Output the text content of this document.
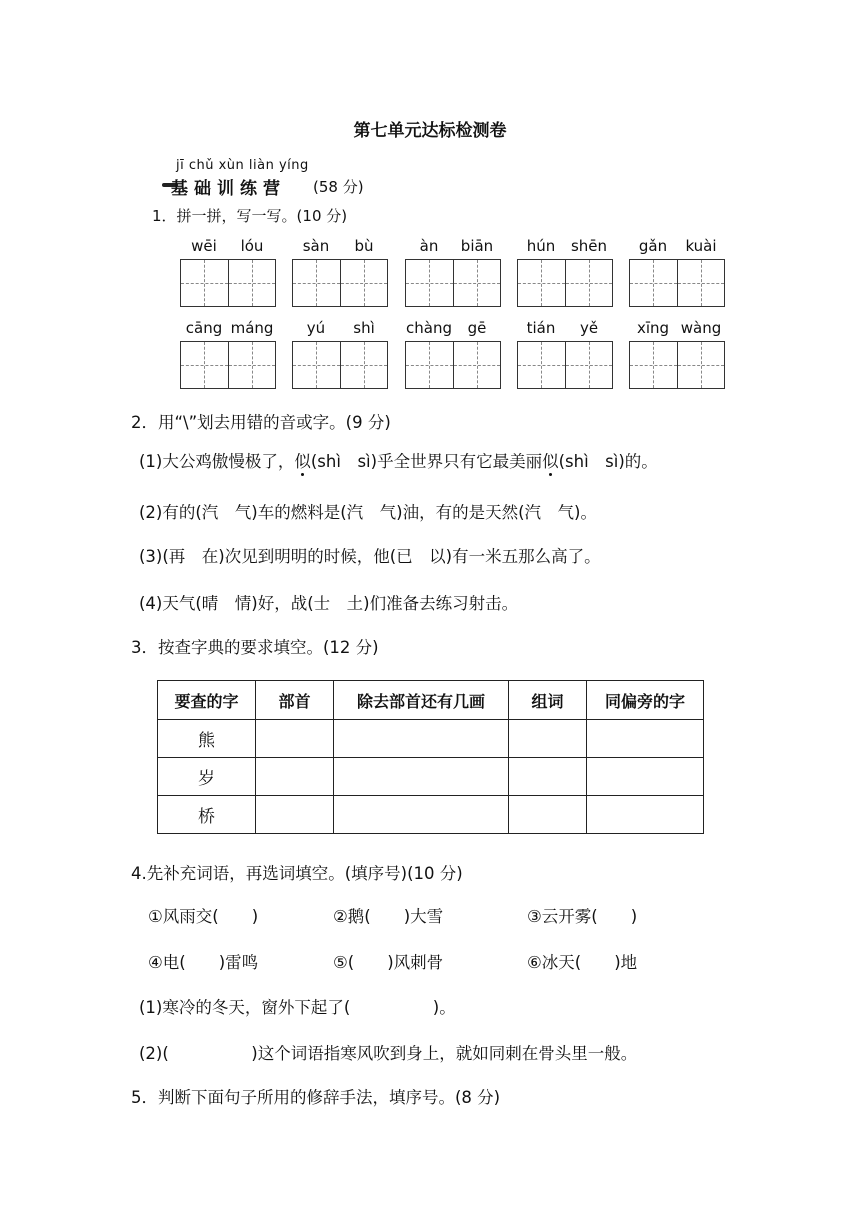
第七单元达标检测卷
jī chǔ xùn liàn yíng
基础训练营 (58 分)
1．拼一拼，写一写。(10 分)
wēi	lóu	sàn	bù	àn	biān	hún	shēn	gǎn	kuài
cāng máng	yú	shì	chàng	gē	tián	yě	xīng wàng
2．用“\”划去用错的音或字。(9 分)
(1)大公鸡傲慢极了，似(shì　sì)乎全世界只有它最美丽似(shì　sì)的。
(2)有的(汽　气)车的燃料是(汽　气)油，有的是天然(汽　气)。
(3)(再　在)次见到明明的时候，他(已　以)有一米五那么高了。
(4)天气(晴　情)好，战(士　土)们准备去练习射击。
3．按查字典的要求填空。(12 分)
要查的字	部首	除去部首还有几画	组词	同偏旁的字
熊				
岁				
桥				
4.先补充词语，再选词填空。(填序号)(10 分)
①风雨交(　　)	②鹅(　　)大雪	③云开雾(　　)
④电(　　)雷鸣	⑤(　　)风刺骨	⑥冰天(　　)地
(1)寒冷的冬天，窗外下起了(　　　　　)。
(2)(　　　　　)这个词语指寒风吹到身上，就如同刺在骨头里一般。
5．判断下面句子所用的修辞手法，填序号。(8 分)
